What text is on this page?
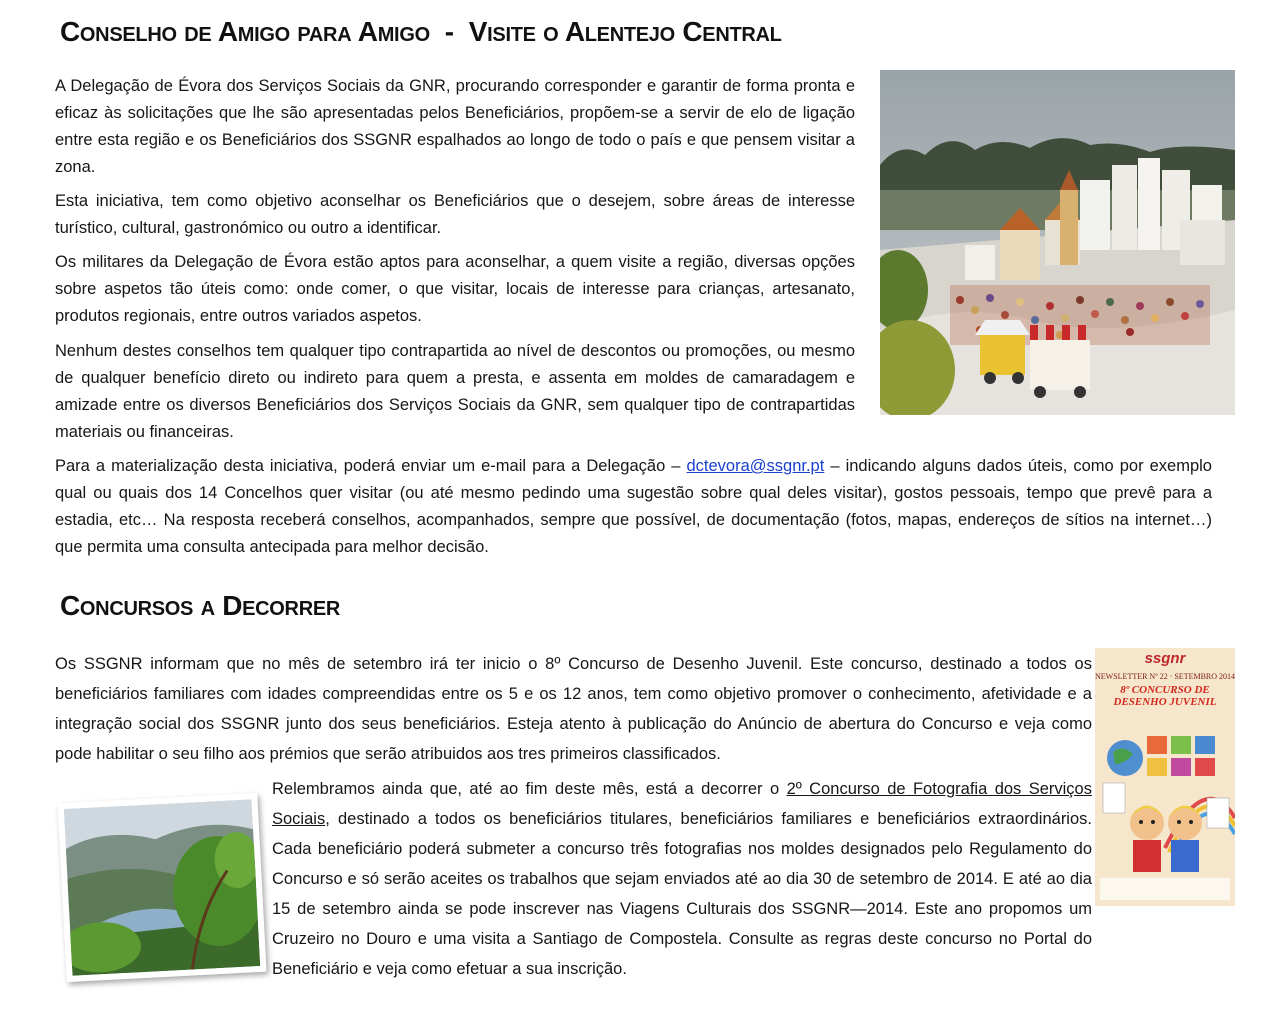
Conselho de Amigo para Amigo  -  Visite o Alentejo Central

A Delegação de Évora dos Serviços Sociais da GNR, procurando corresponder e garantir de forma pronta e eficaz às solicitações que lhe são apresentadas pelos Beneficiários, propõem-se a servir de elo de ligação entre esta região e os Beneficiários dos SSGNR espalhados ao longo de todo o país e que pensem visitar a zona.

Esta iniciativa, tem como objetivo aconselhar os Beneficiários que o desejem, sobre áreas de interesse turístico, cultural, gastronómico ou outro a identificar.

Os militares da Delegação de Évora estão aptos para aconselhar, a quem visite a região, diversas opções sobre aspetos tão úteis como: onde comer, o que visitar, locais de interesse para crianças, artesanato, produtos regionais, entre outros variados aspetos.

Nenhum destes conselhos tem qualquer tipo contrapartida ao nível de descontos ou promoções, ou mesmo de qualquer benefício direto ou indireto para quem a presta, e assenta em moldes de camaradagem e amizade entre os diversos Beneficiários dos Serviços Sociais da GNR, sem qualquer tipo de contrapartidas materiais ou financeiras.

Para a materialização desta iniciativa, poderá enviar um e-mail para a Delegação – dctevora@ssgnr.pt – indicando alguns dados úteis, como por exemplo qual ou quais dos 14 Concelhos quer visitar (ou até mesmo pedindo uma sugestão sobre qual deles visitar), gostos pessoais, tempo que prevê para a estadia, etc… Na resposta receberá conselhos, acompanhados, sempre que possível, de documentação (fotos, mapas, endereços de sítios na internet…) que permita uma consulta antecipada para melhor decisão.

Concursos a Decorrer
ssgnr
NEWSLETTER Nº 22 · SETEMBRO 2014
8º CONCURSO DE DESENHO JUVENIL

Os SSGNR informam que no mês de setembro irá ter inicio o 8º Concurso de Desenho Juvenil. Este concurso, destinado a todos os beneficiários familiares com idades compreendidas entre os 5 e os 12 anos, tem como objetivo promover o conhecimento, afetividade e a integração social dos SSGNR junto dos seus beneficiários. Esteja atento à publicação do Anúncio de abertura do Concurso e veja como pode habilitar o seu filho aos prémios que serão atribuidos aos tres primeiros classificados.

Relembramos ainda que, até ao fim deste mês, está a decorrer o 2º Concurso de Fotografia dos Serviços Sociais, destinado a todos os beneficiários titulares, beneficiários familiares e beneficiários extraordinários. Cada beneficiário poderá submeter a concurso três fotografias nos moldes designados pelo Regulamento do Concurso e só serão aceites os trabalhos que sejam enviados até ao dia 30 de setembro de 2014. E até ao dia 15 de setembro ainda se pode inscrever nas Viagens Culturais dos SSGNR—2014. Este ano propomos um Cruzeiro no Douro e uma visita a Santiago de Compostela. Consulte as regras deste concurso no Portal do Beneficiário e veja como efetuar a sua inscrição.
